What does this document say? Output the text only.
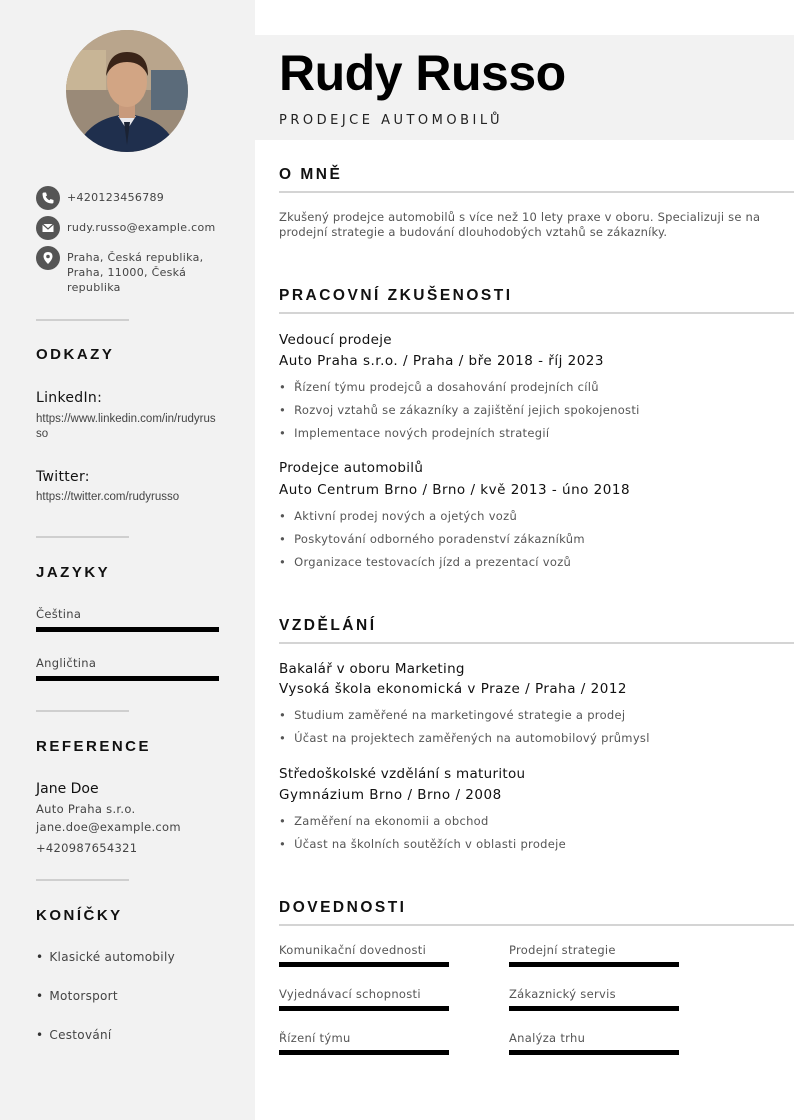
+420123456789
rudy.russo@example.com
Praha, Česká republika, Praha, 11000, Česká republika
ODKAZY
LinkedIn:
https://www.linkedin.com/in/rudyrusso
Twitter:
https://twitter.com/rudyrusso
JAZYKY
Čeština
Angličtina
REFERENCE
Jane Doe
Auto Praha s.r.o.
jane.doe@example.com
+420987654321
KONÍČKY
• Klasické automobily
• Motorsport
• Cestování
Rudy Russo
PRODEJCE AUTOMOBILŮ
O MNĚ
Zkušený prodejce automobilů s více než 10 lety praxe v oboru. Specializuji se na prodejní strategie a budování dlouhodobých vztahů se zákazníky.
PRACOVNÍ ZKUŠENOSTI
Vedoucí prodeje
Auto Praha s.r.o. / Praha / bře 2018 - říj 2023
• Řízení týmu prodejců a dosahování prodejních cílů
• Rozvoj vztahů se zákazníky a zajištění jejich spokojenosti
• Implementace nových prodejních strategií
Prodejce automobilů
Auto Centrum Brno / Brno / kvě 2013 - úno 2018
• Aktivní prodej nových a ojetých vozů
• Poskytování odborného poradenství zákazníkům
• Organizace testovacích jízd a prezentací vozů
VZDĚLÁNÍ
Bakalář v oboru Marketing
Vysoká škola ekonomická v Praze / Praha / 2012
• Studium zaměřené na marketingové strategie a prodej
• Účast na projektech zaměřených na automobilový průmysl
Středoškolské vzdělání s maturitou
Gymnázium Brno / Brno / 2008
• Zaměření na ekonomii a obchod
• Účast na školních soutěžích v oblasti prodeje
DOVEDNOSTI
Komunikační dovednosti	Prodejní strategie
Vyjednávací schopnosti	Zákaznický servis
Řízení týmu	Analýza trhu
